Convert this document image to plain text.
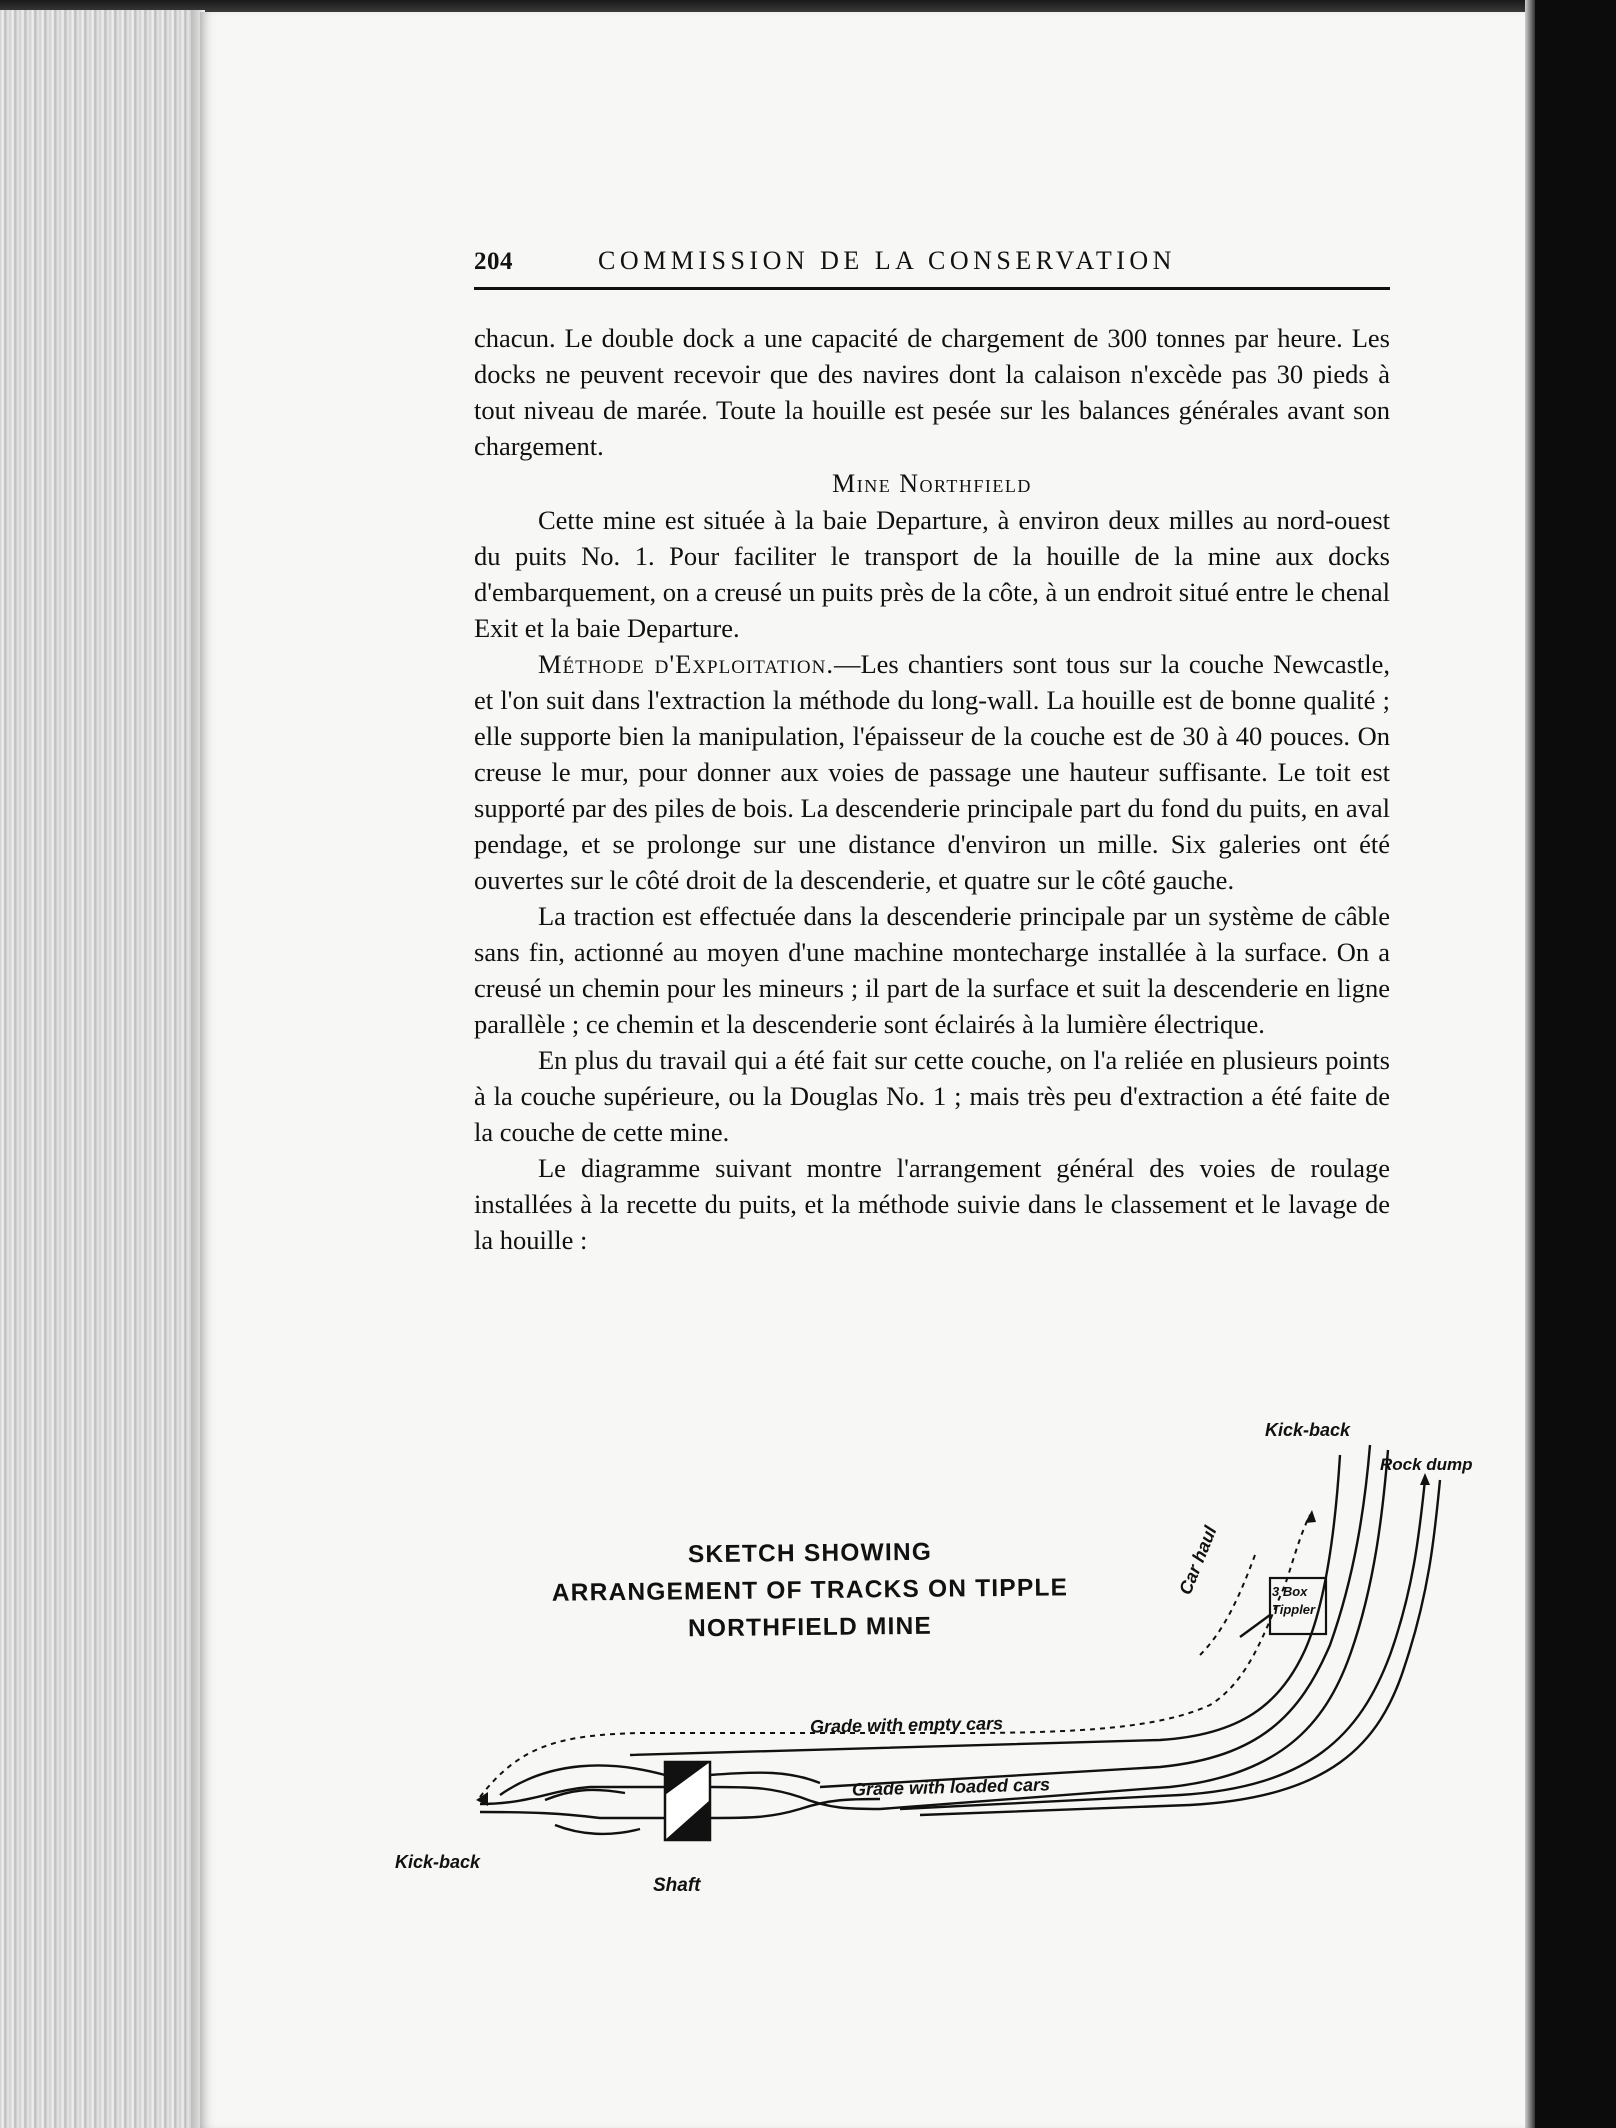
204	COMMISSION DE LA CONSERVATION

chacun. Le double dock a une capacité de chargement de 300 tonnes par heure. Les docks ne peuvent recevoir que des navires dont la calaison n'excède pas 30 pieds à tout niveau de marée. Toute la houille est pesée sur les balances générales avant son chargement.

Mine Northfield

Cette mine est située à la baie Departure, à environ deux milles au nord-ouest du puits No. 1. Pour faciliter le transport de la houille de la mine aux docks d'embarquement, on a creusé un puits près de la côte, à un endroit situé entre le chenal Exit et la baie Departure.

Méthode d'Exploitation.—Les chantiers sont tous sur la couche Newcastle, et l'on suit dans l'extraction la méthode du long-wall. La houille est de bonne qualité ; elle supporte bien la manipulation, l'épaisseur de la couche est de 30 à 40 pouces. On creuse le mur, pour donner aux voies de passage une hauteur suffisante. Le toit est supporté par des piles de bois. La descenderie principale part du fond du puits, en aval pendage, et se prolonge sur une distance d'environ un mille. Six galeries ont été ouvertes sur le côté droit de la descenderie, et quatre sur le côté gauche.

La traction est effectuée dans la descenderie principale par un système de câble sans fin, actionné au moyen d'une machine montecharge installée à la surface. On a creusé un chemin pour les mineurs ; il part de la surface et suit la descenderie en ligne parallèle ; ce chemin et la descenderie sont éclairés à la lumière électrique.

En plus du travail qui a été fait sur cette couche, on l'a reliée en plusieurs points à la couche supérieure, ou la Douglas No. 1 ; mais très peu d'extraction a été faite de la couche de cette mine.

Le diagramme suivant montre l'arrangement général des voies de roulage installées à la recette du puits, et la méthode suivie dans le classement et le lavage de la houille :

SKETCH SHOWING
ARRANGEMENT OF TRACKS ON TIPPLE
NORTHFIELD MINE
Kick-back
Rock dump
Car haul	3 Box Tippler
Grade with empty cars
Grade with loaded cars
Kick-back
Shaft
